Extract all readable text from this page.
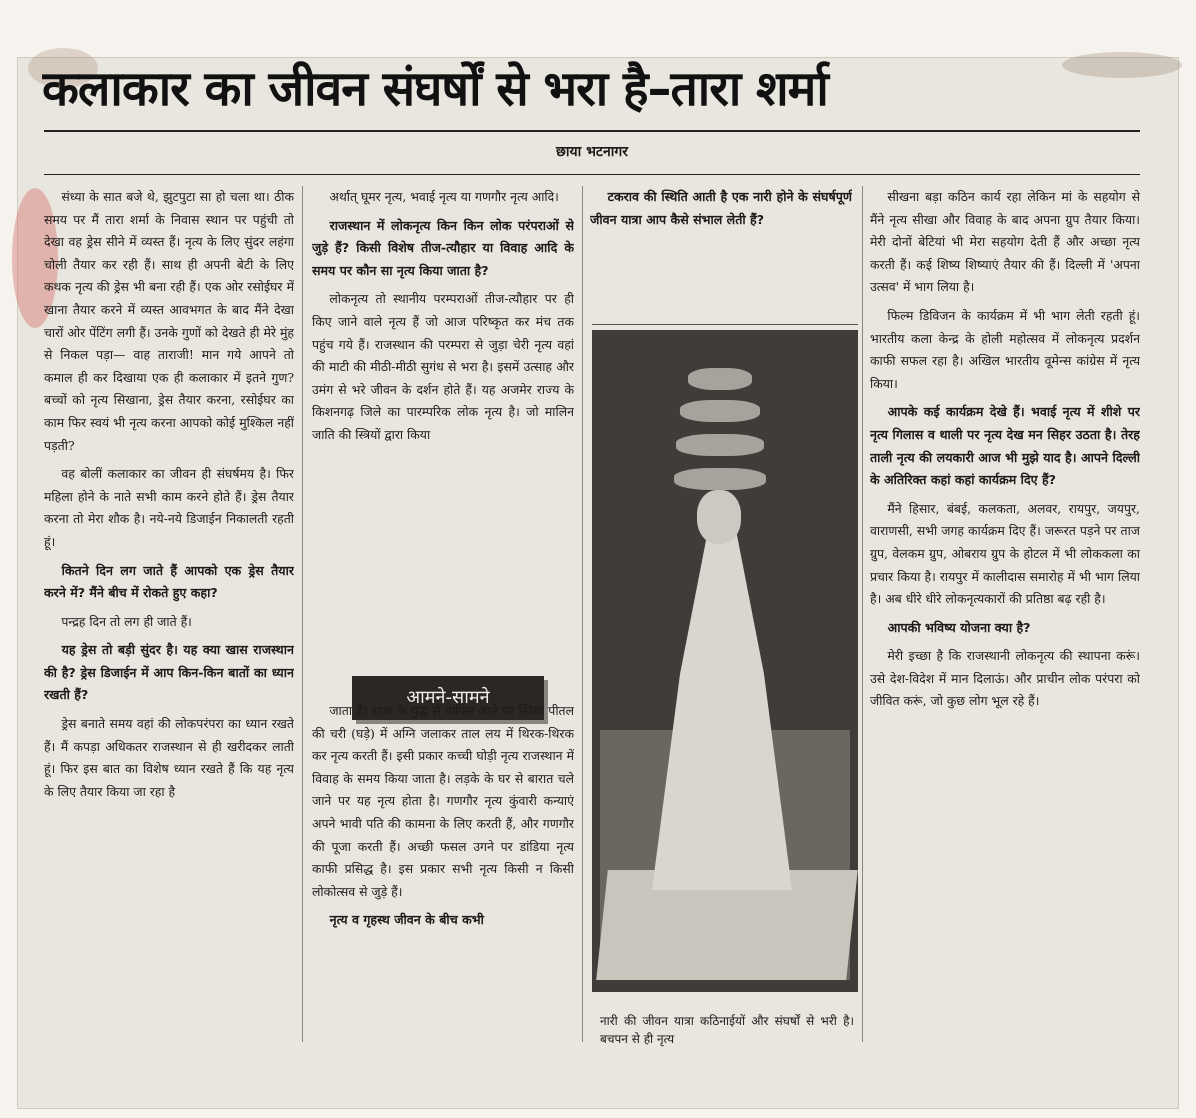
कलाकार का जीवन संघर्षों से भरा है–तारा शर्मा
छाया भटनागर

संध्या के सात बजे थे, झुटपुटा सा हो चला था। ठीक समय पर मैं तारा शर्मा के निवास स्थान पर पहुंची तो देखा वह ड्रेस सीने में व्यस्त हैं। नृत्य के लिए सुंदर लहंगा चोली तैयार कर रही हैं। साथ ही अपनी बेटी के लिए कथक नृत्य की ड्रेस भी बना रही हैं। एक ओर रसोईघर में खाना तैयार करने में व्यस्त आवभगत के बाद मैंने देखा चारों ओर पेंटिंग लगी हैं। उनके गुणों को देखते ही मेरे मुंह से निकल पड़ा— वाह ताराजी! मान गये आपने तो कमाल ही कर दिखाया एक ही कलाकार में इतने गुण? बच्चों को नृत्य सिखाना, ड्रेस तैयार करना, रसोईघर का काम फिर स्वयं भी नृत्य करना आपको कोई मुश्किल नहीं पड़ती?

वह बोलीं कलाकार का जीवन ही संघर्षमय है। फिर महिला होने के नाते सभी काम करने होते हैं। ड्रेस तैयार करना तो मेरा शौक है। नये-नये डिजाईन निकालती रहती हूं।

कितने दिन लग जाते हैं आपको एक ड्रेस तैयार करने में? मैंने बीच में रोकते हुए कहा?

पन्द्रह दिन तो लग ही जाते हैं।

यह ड्रेस तो बड़ी सुंदर है। यह क्या खास राजस्थान की है? ड्रेस डिजाईन में आप किन-किन बातों का ध्यान रखती हैं?

ड्रेस बनाते समय वहां की लोकपरंपरा का ध्यान रखते हैं। मैं कपड़ा अधिकतर राजस्थान से ही खरीदकर लाती हूं। फिर इस बात का विशेष ध्यान रखते हैं कि यह नृत्य के लिए तैयार किया जा रहा है

अर्थात् घूमर नृत्य, भवाई नृत्य या गणगौर नृत्य आदि।

राजस्थान में लोकनृत्य किन किन लोक परंपराओं से जुड़े हैं? किसी विशेष तीज-त्यौहार या विवाह आदि के समय पर कौन सा नृत्य किया जाता है?

लोकनृत्य तो स्थानीय परम्पराओं तीज-त्यौहार पर ही किए जाने वाले नृत्य हैं जो आज परिष्कृत कर मंच तक पहुंच गये हैं। राजस्थान की परम्परा से जुड़ा चेरी नृत्य वहां की माटी की मीठी-मीठी सुगंध से भरा है। इसमें उत्साह और उमंग से भरे जीवन के दर्शन होते हैं। यह अजमेर राज्य के किशनगढ़ जिले का पारम्परिक लोक नृत्य है। जो मालिन जाति की स्त्रियों द्वारा किया

आमने-सामने

जाता है। राजा के युद्ध से वापिस आने पर स्त्रियां पीतल की चरी (घड़े) में अग्नि जलाकर ताल लय में थिरक-थिरक कर नृत्य करती हैं। इसी प्रकार कच्ची घोड़ी नृत्य राजस्थान में विवाह के समय किया जाता है। लड़के के घर से बारात चले जाने पर यह नृत्य होता है। गणगौर नृत्य कुंवारी कन्याएं अपने भावी पति की कामना के लिए करती हैं, और गणगौर की पूजा करती हैं। अच्छी फसल उगने पर डांडिया नृत्य काफी प्रसिद्ध है। इस प्रकार सभी नृत्य किसी न किसी लोकोत्सव से जुड़े हैं।

नृत्य व गृहस्थ जीवन के बीच कभी

टकराव की स्थिति आती है एक नारी होने के संघर्षपूर्ण जीवन यात्रा आप कैसे संभाल लेती हैं?

नारी की जीवन यात्रा कठिनाईयों और संघर्षों से भरी है। बचपन से ही नृत्य

सीखना बड़ा कठिन कार्य रहा लेकिन मां के सहयोग से मैंने नृत्य सीखा और विवाह के बाद अपना ग्रुप तैयार किया। मेरी दोनों बेटियां भी मेरा सहयोग देती हैं और अच्छा नृत्य करती हैं। कई शिष्य शिष्याएं तैयार की हैं। दिल्ली में 'अपना उत्सव' में भाग लिया है।

फिल्म डिविजन के कार्यक्रम में भी भाग लेती रहती हूं। भारतीय कला केन्द्र के होली महोत्सव में लोकनृत्य प्रदर्शन काफी सफल रहा है। अखिल भारतीय वूमेन्स कांग्रेस में नृत्य किया।

आपके कई कार्यक्रम देखे हैं। भवाई नृत्य में शीशे पर नृत्य गिलास व थाली पर नृत्य देख मन सिहर उठता है। तेरह ताली नृत्य की लयकारी आज भी मुझे याद है। आपने दिल्ली के अतिरिक्त कहां कहां कार्यक्रम दिए हैं?

मैंने हिसार, बंबई, कलकता, अलवर, रायपुर, जयपुर, वाराणसी, सभी जगह कार्यक्रम दिए हैं। जरूरत पड़ने पर ताज ग्रुप, वेलकम ग्रुप, ओबराय ग्रुप के होटल में भी लोककला का प्रचार किया है। रायपुर में कालीदास समारोह में भी भाग लिया है। अब धीरे धीरे लोकनृत्यकारों की प्रतिष्ठा बढ़ रही है।

आपकी भविष्य योजना क्या है?

मेरी इच्छा है कि राजस्थानी लोकनृत्य की स्थापना करूं। उसे देश-विदेश में मान दिलाऊं। और प्राचीन लोक परंपरा को जीवित करूं, जो कुछ लोग भूल रहे हैं।
